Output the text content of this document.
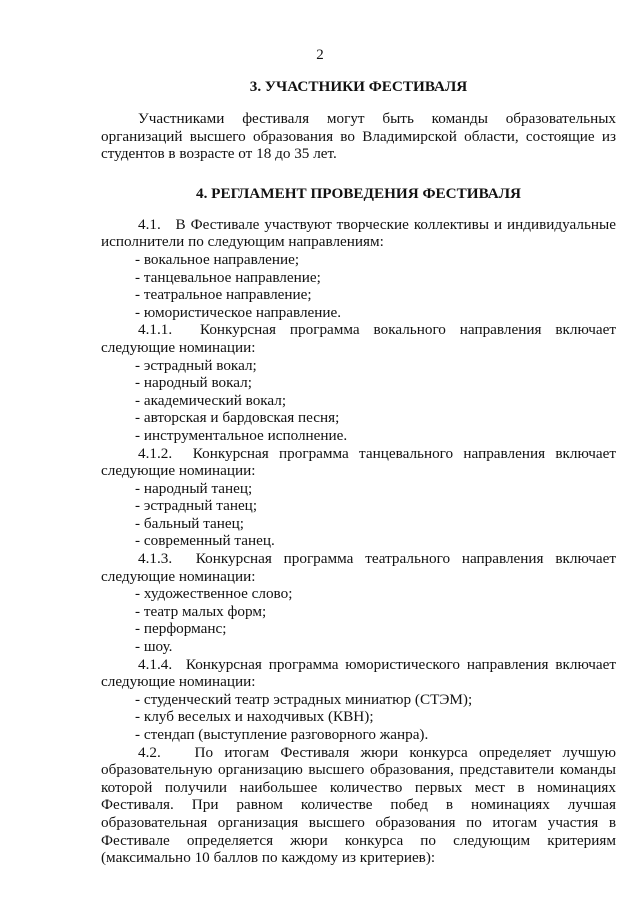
2
3. УЧАСТНИКИ ФЕСТИВАЛЯ

Участниками фестиваля могут быть команды образовательных организаций высшего образования во Владимирской области, состоящие из студентов в возрасте от 18 до 35 лет.

4. РЕГЛАМЕНТ ПРОВЕДЕНИЯ ФЕСТИВАЛЯ

4.1.   В Фестивале участвуют творческие коллективы и индивидуальные исполнители по следующим направлениям:

- вокальное направление;
- танцевальное направление;
- театральное направление;
- юмористическое направление.

4.1.1.  Конкурсная программа вокального направления включает следующие номинации:

- эстрадный вокал;
- народный вокал;
- академический вокал;
- авторская и бардовская песня;
- инструментальное исполнение.

4.1.2.  Конкурсная программа танцевального направления включает следующие номинации:

- народный танец;
- эстрадный танец;
- бальный танец;
- современный танец.

4.1.3.  Конкурсная программа театрального направления включает следующие номинации:

- художественное слово;
- театр малых форм;
- перформанс;
- шоу.

4.1.4.  Конкурсная программа юмористического направления включает следующие номинации:

- студенческий театр эстрадных миниатюр (СТЭМ);
- клуб веселых и находчивых (КВН);
- стендап (выступление разговорного жанра).

4.2.   По итогам Фестиваля жюри конкурса определяет лучшую образовательную организацию высшего образования, представители команды которой получили наибольшее количество первых мест в номинациях Фестиваля. При равном количестве побед в номинациях лучшая образовательная организация высшего образования по итогам участия в Фестивале определяется жюри конкурса по следующим критериям (максимально 10 баллов по каждому из критериев):
